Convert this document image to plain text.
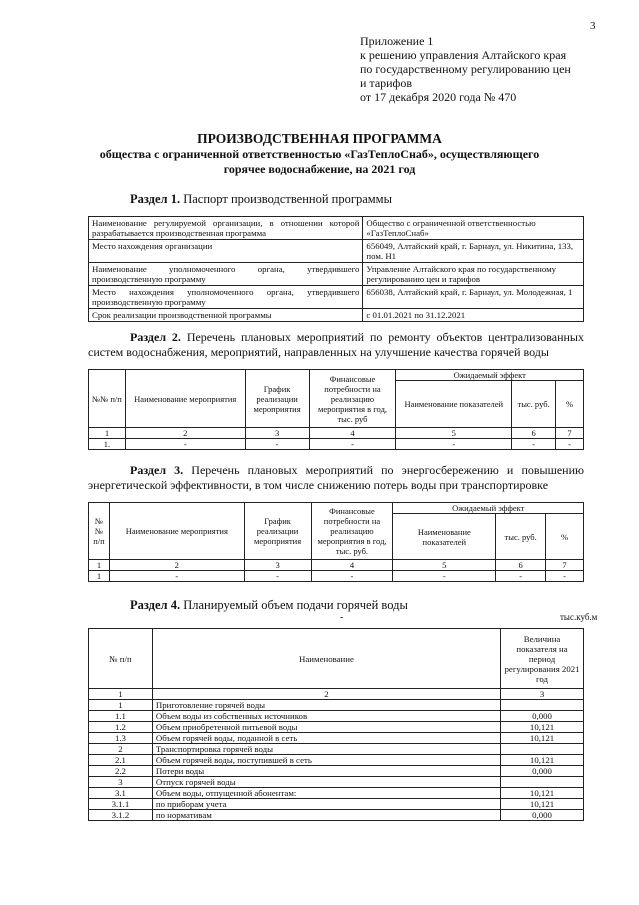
3
Приложение 1
к решению управления Алтайского края
по государственному регулированию цен
и тарифов
от 17 декабря 2020 года № 470
ПРОИЗВОДСТВЕННАЯ ПРОГРАММА
общества с ограниченной ответственностью «ГазТеплоСнаб», осуществляющего
горячее водоснабжение, на 2021 год
Раздел 1. Паспорт производственной программы
Наименование регулируемой организации, в отношении которой разрабатывается производственная программа	Общество с ограниченной ответственностью «ГазТеплоСнаб»
Место нахождения организации	656049, Алтайский край, г. Барнаул, ул. Никитина, 133, пом. Н1
Наименование уполномоченного органа, утвердившего производственную программу	Управление Алтайского края по государственному регулированию цен и тарифов
Место нахождения уполномоченного органа, утвердившего производственную программу	656038, Алтайский край, г. Барнаул, ул. Молодежная, 1
Срок реализации производственной программы	с 01.01.2021 по 31.12.2021
Раздел 2. Перечень плановых мероприятий по ремонту объектов централизованных систем водоснабжения, мероприятий, направленных на улучшение качества горячей воды
№№ п/п	Наименование мероприятия	График реализации мероприятия	Финансовые потребности на реализацию мероприятия в год, тыс. руб	Ожидаемый эффект		
				Наименование показателей	тыс. руб.	%
1	2	3	4	5	6	7
1.	-	-	-	-	-	-
Раздел 3. Перечень плановых мероприятий по энергосбережению и повышению энергетической эффективности, в том числе снижению потерь воды при транспортировке
№№ п/п	Наименование мероприятия	График реализации мероприятия	Финансовые потребности на реализацию мероприятия в год, тыс. руб.	Ожидаемый эффект		
				Наименование показателей	тыс. руб.	%
1	2	3	4	5	6	7
1	-	-	-	-	-	-
Раздел 4. Планируемый объем подачи горячей воды
-	тыс.куб.м
№ п/п	Наименование	Величина показателя на период регулирования 2021 год
1	2	3
1	Приготовление горячей воды	
1.1	Объем воды из собственных источников	0,000
1.2	Объем приобретенной питьевой воды	10,121
1.3	Объем горячей воды, поданной в сеть	10,121
2	Транспортировка горячей воды	
2.1	Объем горячей воды, поступившей в сеть	10,121
2.2	Потери воды	0,000
3	Отпуск горячей воды	
3.1	Объем воды, отпущенной абонентам:	10,121
3.1.1	по приборам учета	10,121
3.1.2	по нормативам	0,000
